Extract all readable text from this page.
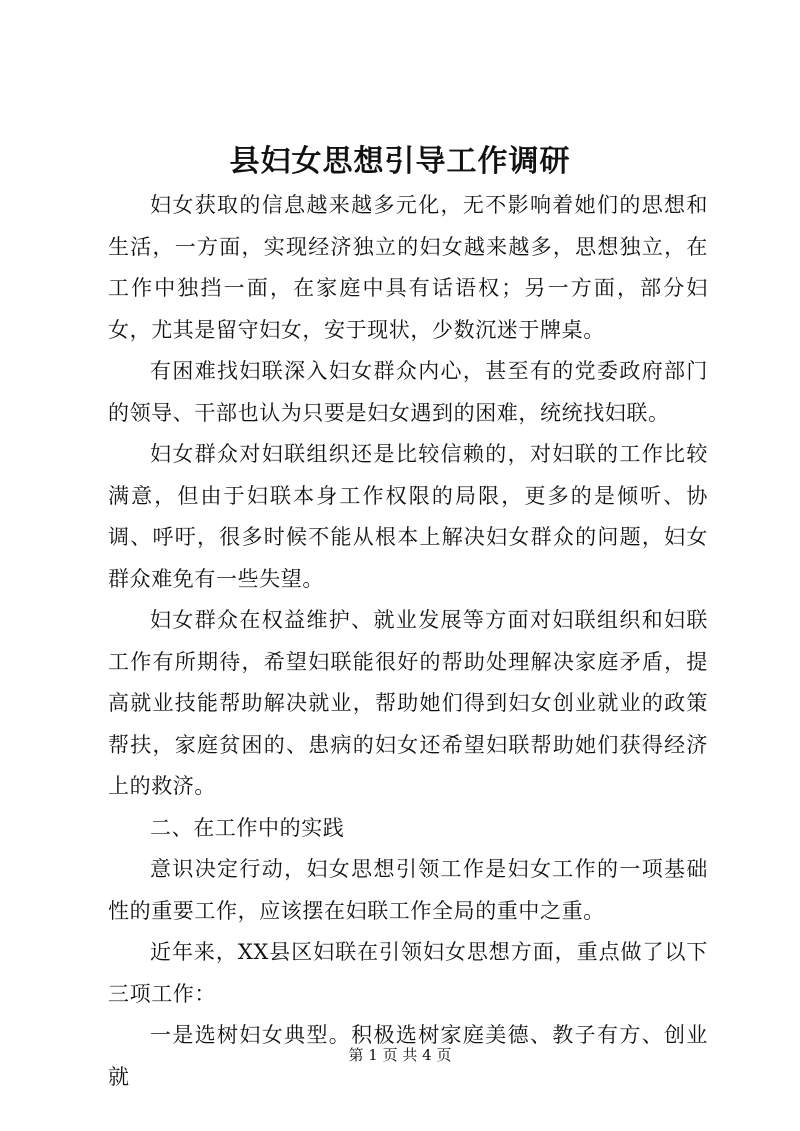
县妇女思想引导工作调研

妇女获取的信息越来越多元化，无不影响着她们的思想和生活，一方面，实现经济独立的妇女越来越多，思想独立，在工作中独挡一面，在家庭中具有话语权；另一方面，部分妇女，尤其是留守妇女，安于现状，少数沉迷于牌桌。

有困难找妇联深入妇女群众内心，甚至有的党委政府部门的领导、干部也认为只要是妇女遇到的困难，统统找妇联。

妇女群众对妇联组织还是比较信赖的，对妇联的工作比较满意，但由于妇联本身工作权限的局限，更多的是倾听、协调、呼吁，很多时候不能从根本上解决妇女群众的问题，妇女群众难免有一些失望。

妇女群众在权益维护、就业发展等方面对妇联组织和妇联工作有所期待，希望妇联能很好的帮助处理解决家庭矛盾，提高就业技能帮助解决就业，帮助她们得到妇女创业就业的政策帮扶，家庭贫困的、患病的妇女还希望妇联帮助她们获得经济上的救济。

二、在工作中的实践

意识决定行动，妇女思想引领工作是妇女工作的一项基础性的重要工作，应该摆在妇联工作全局的重中之重。

近年来，XX县区妇联在引领妇女思想方面，重点做了以下三项工作：

一是选树妇女典型。积极选树家庭美德、教子有方、创业就

第 1 页 共 4 页
